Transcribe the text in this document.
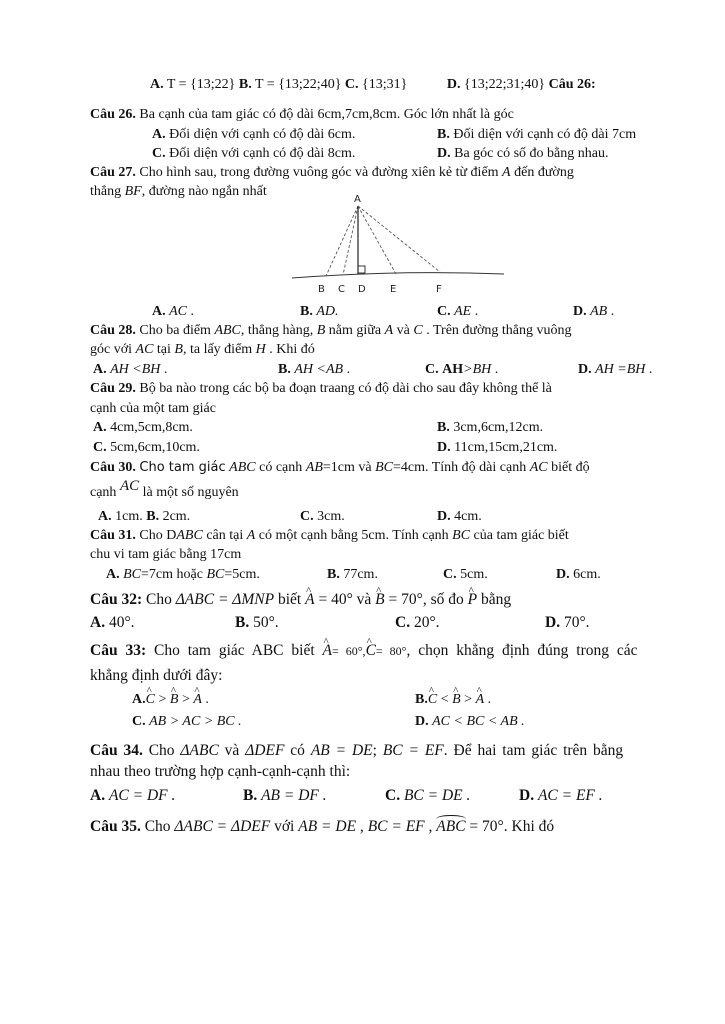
A. T = {13;22} B. T = {13;22;40} C. {13;31}	D. {13;22;31;40} Câu 26:
Câu 26. Ba cạnh của tam giác có độ dài 6cm,7cm,8cm. Góc lớn nhất là góc
A. Đối diện với cạnh có độ dài 6cm.	B. Đối diện với cạnh có độ dài 7cm
C. Đối diện với cạnh có độ dài 8cm.	D. Ba góc có số đo bằng nhau.
Câu 27. Cho hình sau, trong đường vuông góc và đường xiên kẻ từ điểm A đến đường
thẳng BF, đường nào ngắn nhất
A
B C D E	F
A. AC .	B. AD.	C. AE .	D. AB .
Câu 28. Cho ba điểm ABC, thẳng hàng, B nằm giữa A và C . Trên đường thẳng vuông
góc với AC tại B, ta lấy điểm H . Khi đó
A. AH <BH .	B. AH <AB .	C. AH>BH .	D. AH =BH .
Câu 29. Bộ ba nào trong các bộ ba đoạn traang có độ dài cho sau đây không thể là
cạnh của một tam giác
A. 4cm,5cm,8cm.	B. 3cm,6cm,12cm.
C. 5cm,6cm,10cm.	D. 11cm,15cm,21cm.
Câu 30. Cho tam giác ABC có cạnh AB=1cm và BC=4cm. Tính độ dài cạnh AC biết độ
cạnh AC là một số nguyên
A. 1cm. B. 2cm.	C. 3cm.	D. 4cm.
Câu 31. Cho DABC cân tại A có một cạnh bằng 5cm. Tính cạnh BC của tam giác biết
chu vi tam giác bằng 17cm
A. BC=7cm hoặc BC=5cm.	B. 77cm.	C. 5cm.	D. 6cm.
Câu 32: Cho ΔABC = ΔMNP biết ^ A = 40° và ^ B = 70°, số đo ^ P bằng
A. 40°.	B. 50°.	C. 20°.	D. 70°.
Câu 33: Cho tam giác ABC biết ^ A= 60°,^ C= 80°, chọn khẳng định đúng trong các
khẳng định dưới đây:
A.^ C > ^ B > ^ A .	B.^ C < ^ B > ^ A .
C. AB > AC > BC .	D. AC < BC < AB .
Câu 34. Cho ΔABC và ΔDEF có AB = DE; BC = EF. Để hai tam giác trên bằng
nhau theo trường hợp cạnh-cạnh-cạnh thì:
A. AC = DF .	B. AB = DF .	C. BC = DE .	D. AC = EF .
Câu 35. Cho ΔABC = ΔDEF với AB = DE , BC = EF , ABC = 70°. Khi đó
